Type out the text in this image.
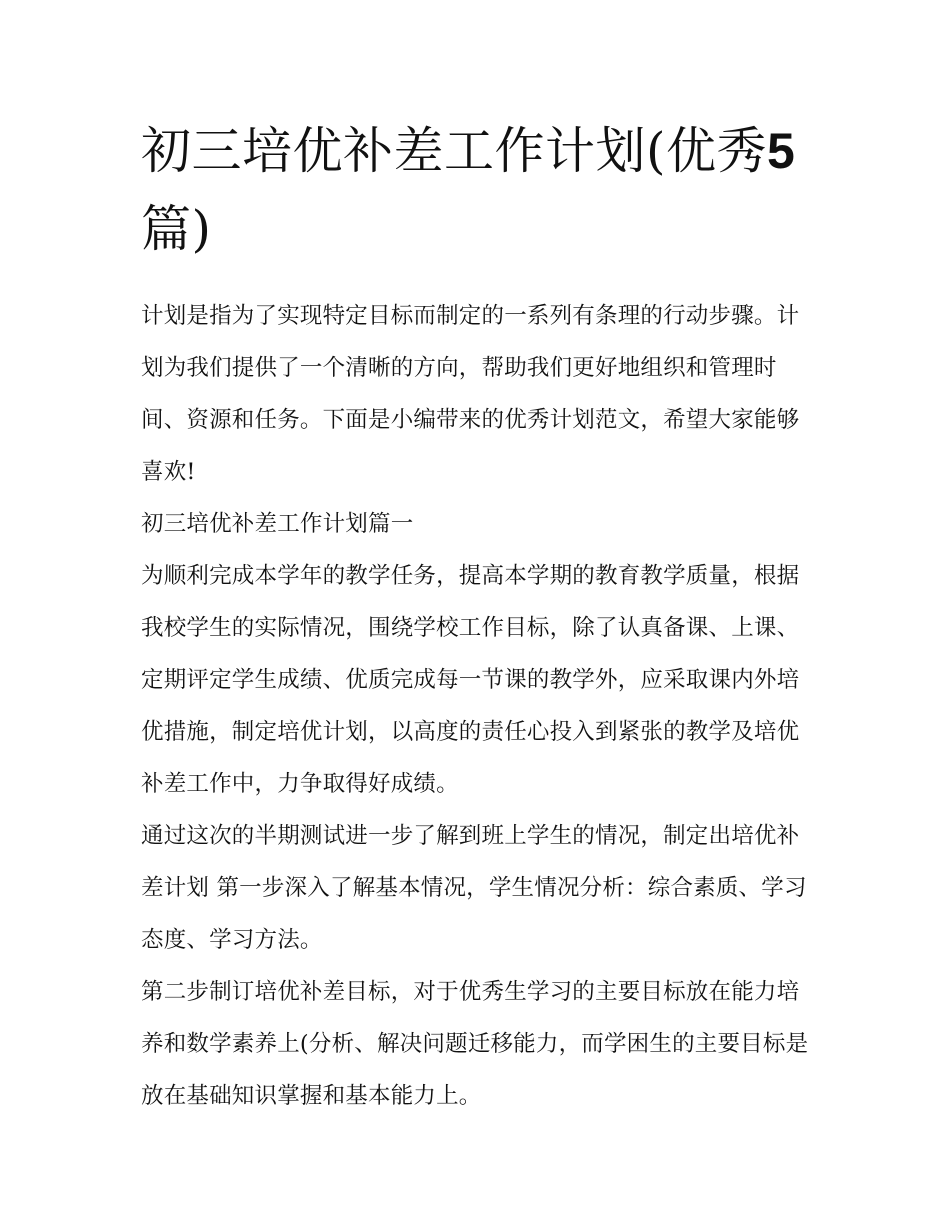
初三培优补差工作计划(优秀5
篇)

计划是指为了实现特定目标而制定的一系列有条理的行动步骤。计划为我们提供了一个清晰的方向，帮助我们更好地组织和管理时间、资源和任务。下面是小编带来的优秀计划范文，希望大家能够喜欢!

初三培优补差工作计划篇一

为顺利完成本学年的教学任务，提高本学期的教育教学质量，根据我校学生的实际情况，围绕学校工作目标，除了认真备课、上课、定期评定学生成绩、优质完成每一节课的教学外，应采取课内外培优措施，制定培优计划，以高度的责任心投入到紧张的教学及培优补差工作中，力争取得好成绩。

通过这次的半期测试进一步了解到班上学生的情况，制定出培优补差计划 第一步深入了解基本情况，学生情况分析：综合素质、学习态度、学习方法。

第二步制订培优补差目标，对于优秀生学习的主要目标放在能力培养和数学素养上(分析、解决问题迁移能力，而学困生的主要目标是放在基础知识掌握和基本能力上。
